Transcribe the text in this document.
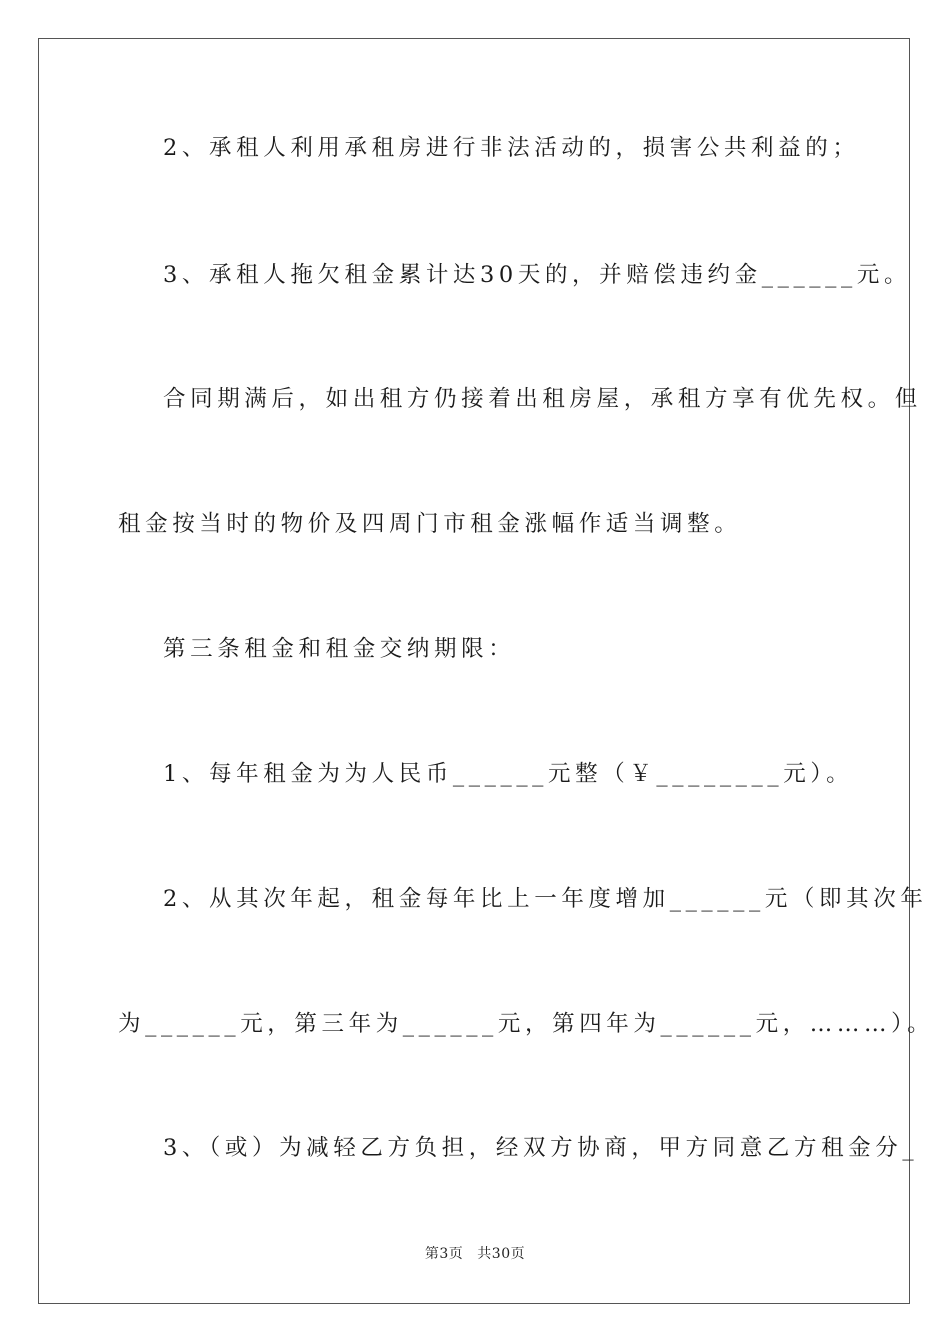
2、承租人利用承租房进行非法活动的，损害公共利益的；
3、承租人拖欠租金累计达30天的，并赔偿违约金______元。
合同期满后，如出租方仍接着出租房屋，承租方享有优先权。但
租金按当时的物价及四周门市租金涨幅作适当调整。
第三条租金和租金交纳期限：
1、每年租金为为人民币______元整（￥________元）。
2、从其次年起，租金每年比上一年度增加______元（即其次年
为______元，第三年为______元，第四年为______元，………）。
3、（或）为减轻乙方负担，经双方协商，甲方同意乙方租金分_
第3页 共30页
